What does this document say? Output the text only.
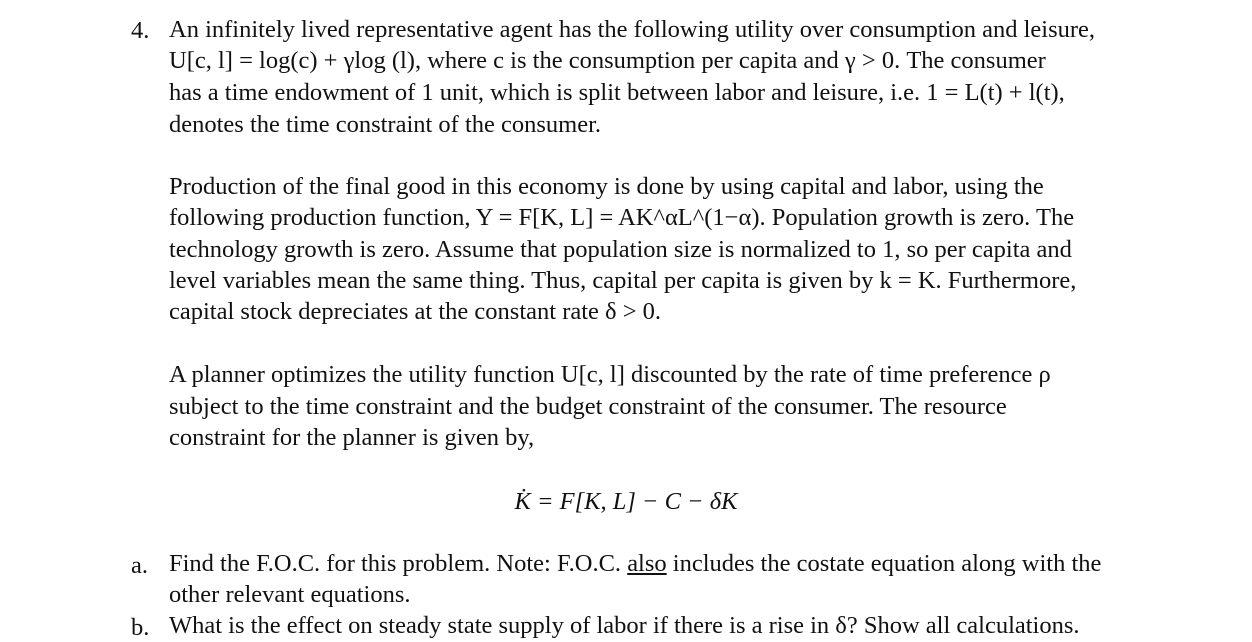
4. An infinitely lived representative agent has the following utility over consumption and leisure,
U[c, l] = log(c) + γlog (l), where c is the consumption per capita and γ > 0. The consumer
has a time endowment of 1 unit, which is split between labor and leisure, i.e. 1 = L(t) + l(t),
denotes the time constraint of the consumer.
Production of the final good in this economy is done by using capital and labor, using the
following production function, Y = F[K, L] = AK^αL^(1−α). Population growth is zero. The
technology growth is zero. Assume that population size is normalized to 1, so per capita and
level variables mean the same thing. Thus, capital per capita is given by k = K. Furthermore,
capital stock depreciates at the constant rate δ > 0.
A planner optimizes the utility function U[c, l] discounted by the rate of time preference ρ
subject to the time constraint and the budget constraint of the consumer. The resource
constraint for the planner is given by,
K̇ = F[K, L] − C − δK
a. Find the F.O.C. for this problem. Note: F.O.C. also includes the costate equation along with the
other relevant equations.
b. What is the effect on steady state supply of labor if there is a rise in δ? Show all calculations.
